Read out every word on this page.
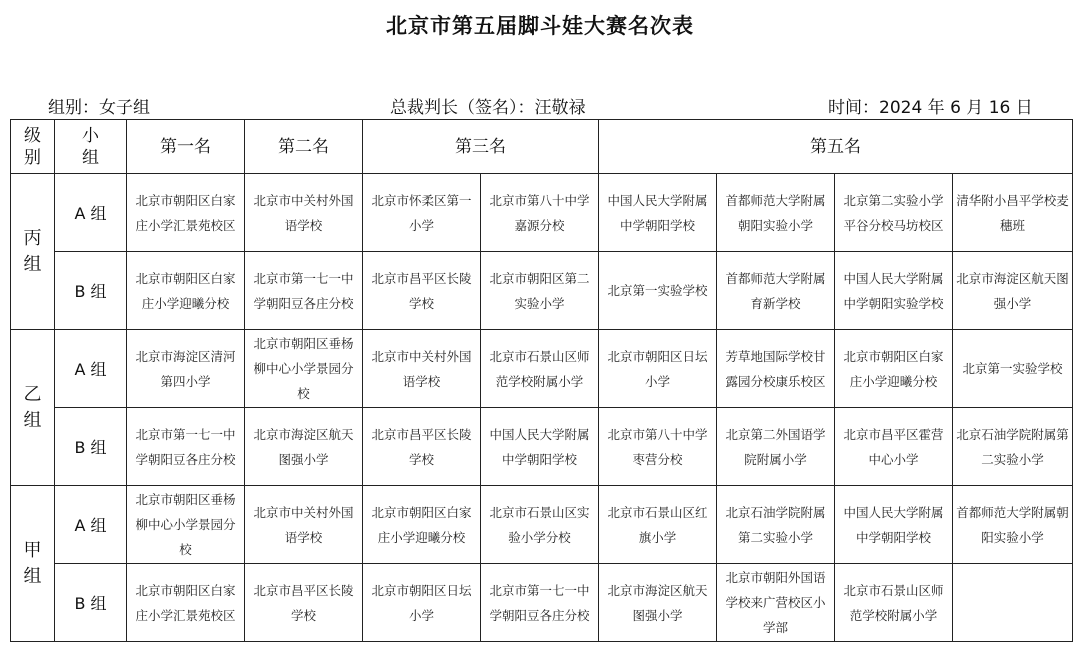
北京市第五届脚斗娃大赛名次表
组别：女子组	总裁判长（签名）：汪敬禄	时间：2024 年 6 月 16 日
级别	小组	第一名	第二名	第三名		第五名			
丙组	A 组	北京市朝阳区白家庄小学汇景苑校区	北京市中关村外国语学校	北京市怀柔区第一小学	北京市第八十中学嘉源分校	中国人民大学附属中学朝阳学校	首都师范大学附属朝阳实验小学	北京第二实验小学平谷分校马坊校区	清华附小昌平学校麦穗班
	B 组	北京市朝阳区白家庄小学迎曦分校	北京市第一七一中学朝阳豆各庄分校	北京市昌平区长陵学校	北京市朝阳区第二实验小学	北京第一实验学校	首都师范大学附属育新学校	中国人民大学附属中学朝阳实验学校	北京市海淀区航天图强小学
乙组	A 组	北京市海淀区清河第四小学	北京市朝阳区垂杨柳中心小学景园分校	北京市中关村外国语学校	北京市石景山区师范学校附属小学	北京市朝阳区日坛小学	芳草地国际学校甘露园分校康乐校区	北京市朝阳区白家庄小学迎曦分校	北京第一实验学校
	B 组	北京市第一七一中学朝阳豆各庄分校	北京市海淀区航天图强小学	北京市昌平区长陵学校	中国人民大学附属中学朝阳学校	北京市第八十中学枣营分校	北京第二外国语学院附属小学	北京市昌平区霍营中心小学	北京石油学院附属第二实验小学
甲组	A 组	北京市朝阳区垂杨柳中心小学景园分校	北京市中关村外国语学校	北京市朝阳区白家庄小学迎曦分校	北京市石景山区实验小学分校	北京市石景山区红旗小学	北京石油学院附属第二实验小学	中国人民大学附属中学朝阳学校	首都师范大学附属朝阳实验小学
	B 组	北京市朝阳区白家庄小学汇景苑校区	北京市昌平区长陵学校	北京市朝阳区日坛小学	北京市第一七一中学朝阳豆各庄分校	北京市海淀区航天图强小学	北京市朝阳外国语学校来广营校区小学部	北京市石景山区师范学校附属小学	
